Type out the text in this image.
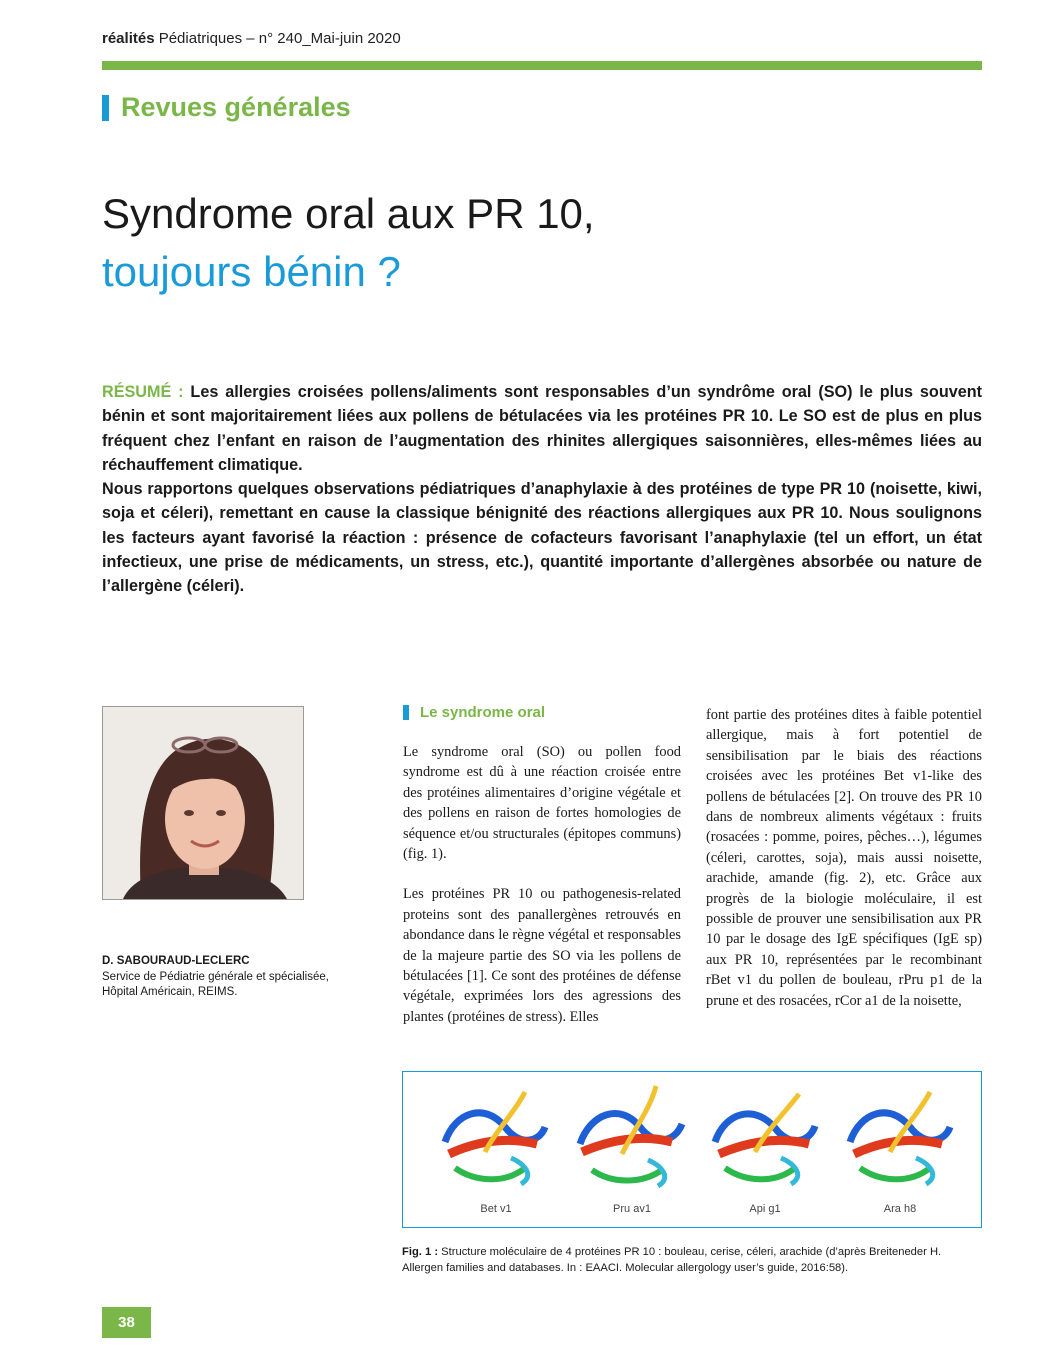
réalités Pédiatriques – n° 240_Mai-juin 2020
Revues générales
Syndrome oral aux PR 10,
toujours bénin ?

RÉSUMÉ : Les allergies croisées pollens/aliments sont responsables d’un syndrôme oral (SO) le plus souvent bénin et sont majoritairement liées aux pollens de bétulacées via les protéines PR 10. Le SO est de plus en plus fréquent chez l’enfant en raison de l’augmentation des rhinites allergiques saisonnières, elles-mêmes liées au réchauffement climatique.

Nous rapportons quelques observations pédiatriques d’anaphylaxie à des protéines de type PR 10 (noisette, kiwi, soja et céleri), remettant en cause la classique bénignité des réactions allergiques aux PR 10. Nous soulignons les facteurs ayant favorisé la réaction : présence de cofacteurs favorisant l’anaphylaxie (tel un effort, un état infectieux, une prise de médicaments, un stress, etc.), quantité importante d’allergènes absorbée ou nature de l’allergène (céleri).

D. SABOURAUD-LECLERC
Service de Pédiatrie générale et spécialisée, Hôpital Américain, REIMS.
Le syndrome oral

Le syndrome oral (SO) ou pollen food syndrome est dû à une réaction croisée entre des protéines alimentaires d’origine végétale et des pollens en raison de fortes homologies de séquence et/ou structurales (épitopes communs) (fig. 1).

Les protéines PR 10 ou pathogenesis-related proteins sont des panallergènes retrouvés en abondance dans le règne végétal et responsables de la majeure partie des SO via les pollens de bétulacées [1]. Ce sont des protéines de défense végétale, exprimées lors des agressions des plantes (protéines de stress). Elles

font partie des protéines dites à faible potentiel allergique, mais à fort potentiel de sensibilisation par le biais des réactions croisées avec les protéines Bet v1-like des pollens de bétulacées [2]. On trouve des PR 10 dans de nombreux aliments végétaux : fruits (rosacées : pomme, poires, pêches…), légumes (céleri, carottes, soja), mais aussi noisette, arachide, amande (fig. 2), etc. Grâce aux progrès de la biologie moléculaire, il est possible de prouver une sensibilisation aux PR 10 par le dosage des IgE spécifiques (IgE sp) aux PR 10, représentées par le recombinant rBet v1 du pollen de bouleau, rPru p1 de la prune et des rosacées, rCor a1 de la noisette,

Bet v1	Pru av1	Api g1	Ara h8
Fig. 1 : Structure moléculaire de 4 protéines PR 10 : bouleau, cerise, céleri, arachide (d’après Breiteneder H. Allergen families and databases. In : EAACI. Molecular allergology user’s guide, 2016:58).
38
